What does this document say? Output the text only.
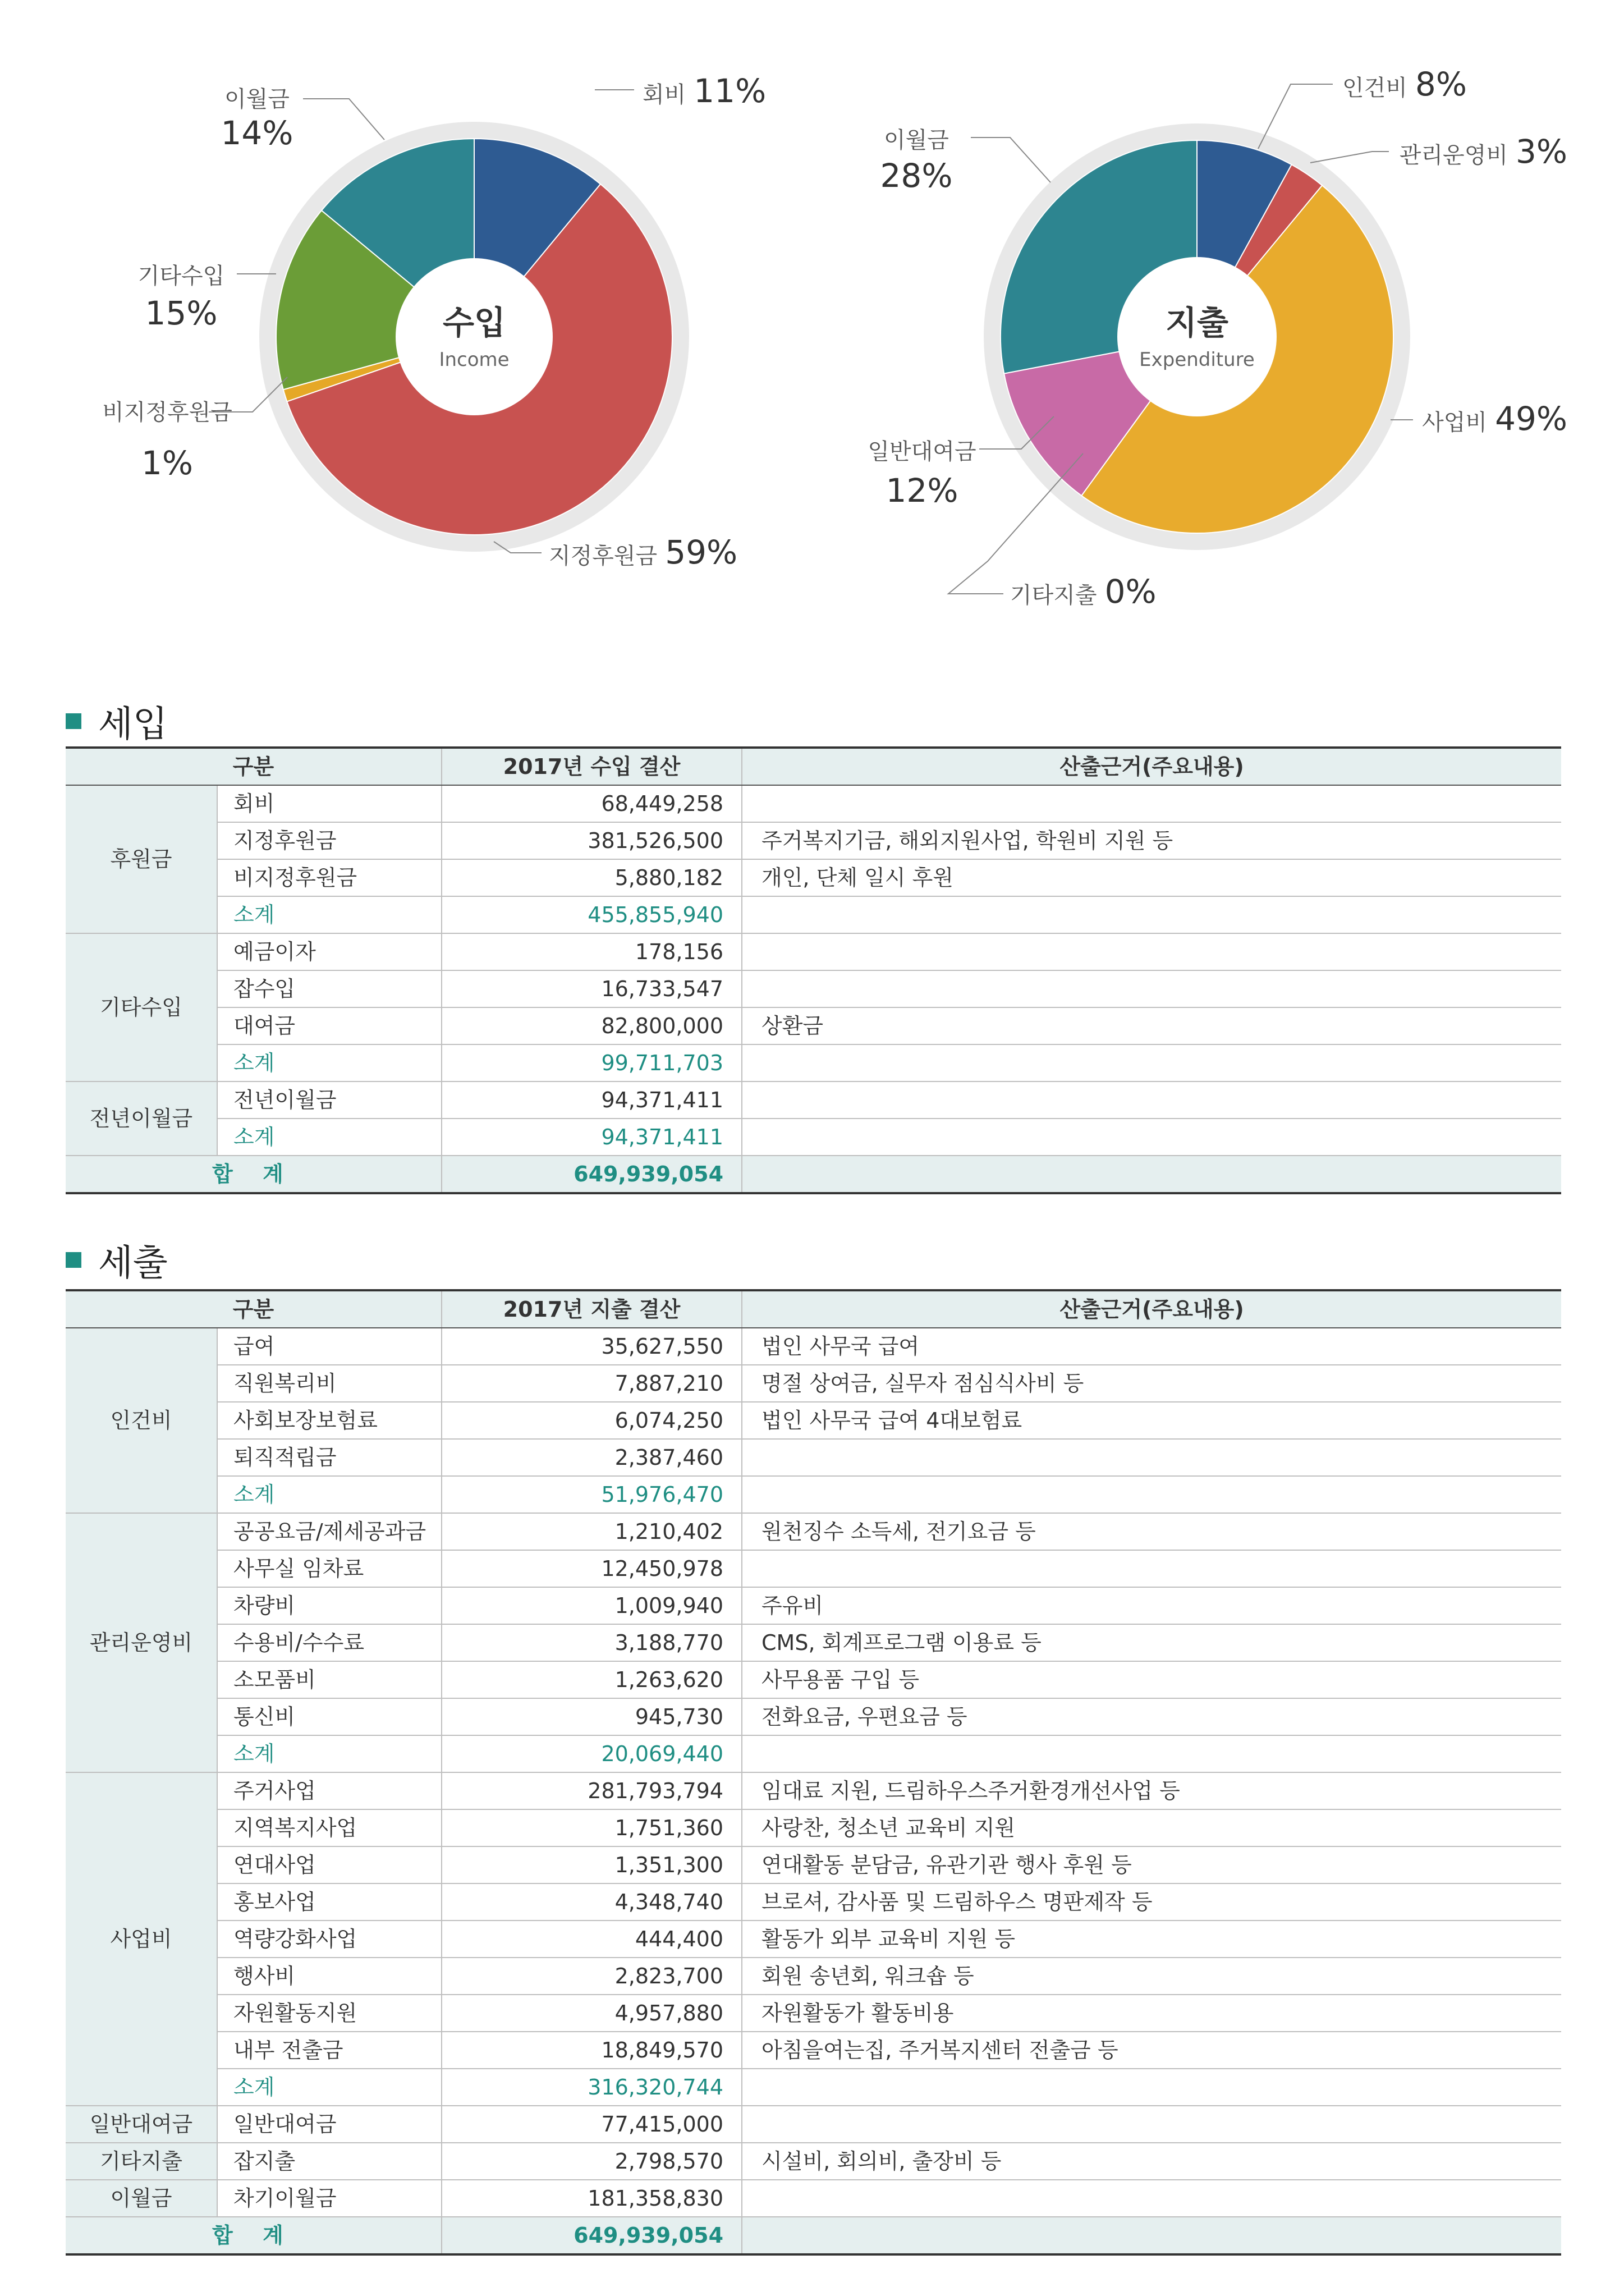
수입
Income
회비 11%
지정후원금 59%
비지정후원금
1%
기타수입
15%
이월금
14%
지출
Expenditure
인건비 8%
관리운영비 3%
사업비 49%
일반대여금
12%
기타지출 0%
이월금
28%
세입
구분		2017년 수입 결산	산출근거(주요내용)
후원금	회비	68,449,258	
	지정후원금	381,526,500	주거복지기금, 해외지원사업, 학원비 지원 등
	비지정후원금	5,880,182	개인, 단체 일시 후원
	소계	455,855,940	
기타수입	예금이자	178,156	
	잡수입	16,733,547	
	대여금	82,800,000	상환금
	소계	99,711,703	
전년이월금	전년이월금	94,371,411	
	소계	94,371,411	
합 계		649,939,054	
세출
구분		2017년 지출 결산	산출근거(주요내용)
인건비	급여	35,627,550	법인 사무국 급여
	직원복리비	7,887,210	명절 상여금, 실무자 점심식사비 등
	사회보장보험료	6,074,250	법인 사무국 급여 4대보험료
	퇴직적립금	2,387,460	
	소계	51,976,470	
관리운영비	공공요금/제세공과금	1,210,402	원천징수 소득세, 전기요금 등
	사무실 임차료	12,450,978	
	차량비	1,009,940	주유비
	수용비/수수료	3,188,770	CMS, 회계프로그램 이용료 등
	소모품비	1,263,620	사무용품 구입 등
	통신비	945,730	전화요금, 우편요금 등
	소계	20,069,440	
사업비	주거사업	281,793,794	임대료 지원, 드림하우스주거환경개선사업 등
	지역복지사업	1,751,360	사랑찬, 청소년 교육비 지원
	연대사업	1,351,300	연대활동 분담금, 유관기관 행사 후원 등
	홍보사업	4,348,740	브로셔, 감사품 및 드림하우스 명판제작 등
	역량강화사업	444,400	활동가 외부 교육비 지원 등
	행사비	2,823,700	회원 송년회, 워크숍 등
	자원활동지원	4,957,880	자원활동가 활동비용
	내부 전출금	18,849,570	아침을여는집, 주거복지센터 전출금 등
	소계	316,320,744	
일반대여금	일반대여금	77,415,000	
기타지출	잡지출	2,798,570	시설비, 회의비, 출장비 등
이월금	차기이월금	181,358,830	
합 계		649,939,054	
